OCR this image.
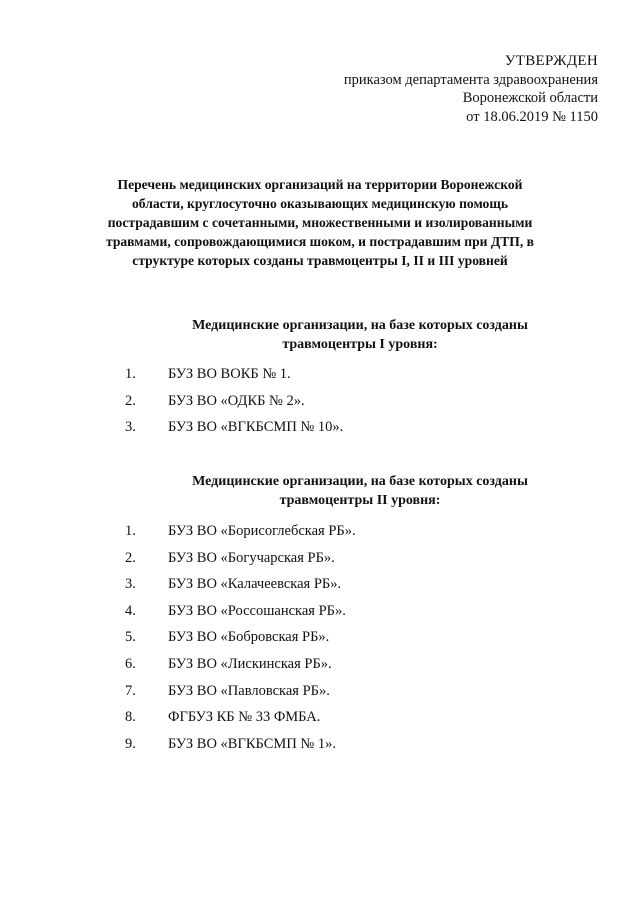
УТВЕРЖДЕН
приказом департамента здравоохранения
Воронежской области
от 18.06.2019 № 1150
Перечень медицинских организаций на территории Воронежской
области, круглосуточно оказывающих медицинскую помощь
пострадавшим с сочетанными, множественными и изолированными
травмами, сопровождающимися шоком, и пострадавшим при ДТП, в
структуре которых созданы травмоцентры I, II и III уровней
Медицинские организации, на базе которых созданы
травмоцентры I уровня:
1.	БУЗ ВО ВОКБ № 1.
2.	БУЗ ВО «ОДКБ № 2».
3.	БУЗ ВО «ВГКБСМП № 10».
Медицинские организации, на базе которых созданы
травмоцентры II уровня:
1.	БУЗ ВО «Борисоглебская РБ».
2.	БУЗ ВО «Богучарская РБ».
3.	БУЗ ВО «Калачеевская РБ».
4.	БУЗ ВО «Россошанская РБ».
5.	БУЗ ВО «Бобровская РБ».
6.	БУЗ ВО «Лискинская РБ».
7.	БУЗ ВО «Павловская РБ».
8.	ФГБУЗ КБ № 33 ФМБА.
9.	БУЗ ВО «ВГКБСМП № 1».
